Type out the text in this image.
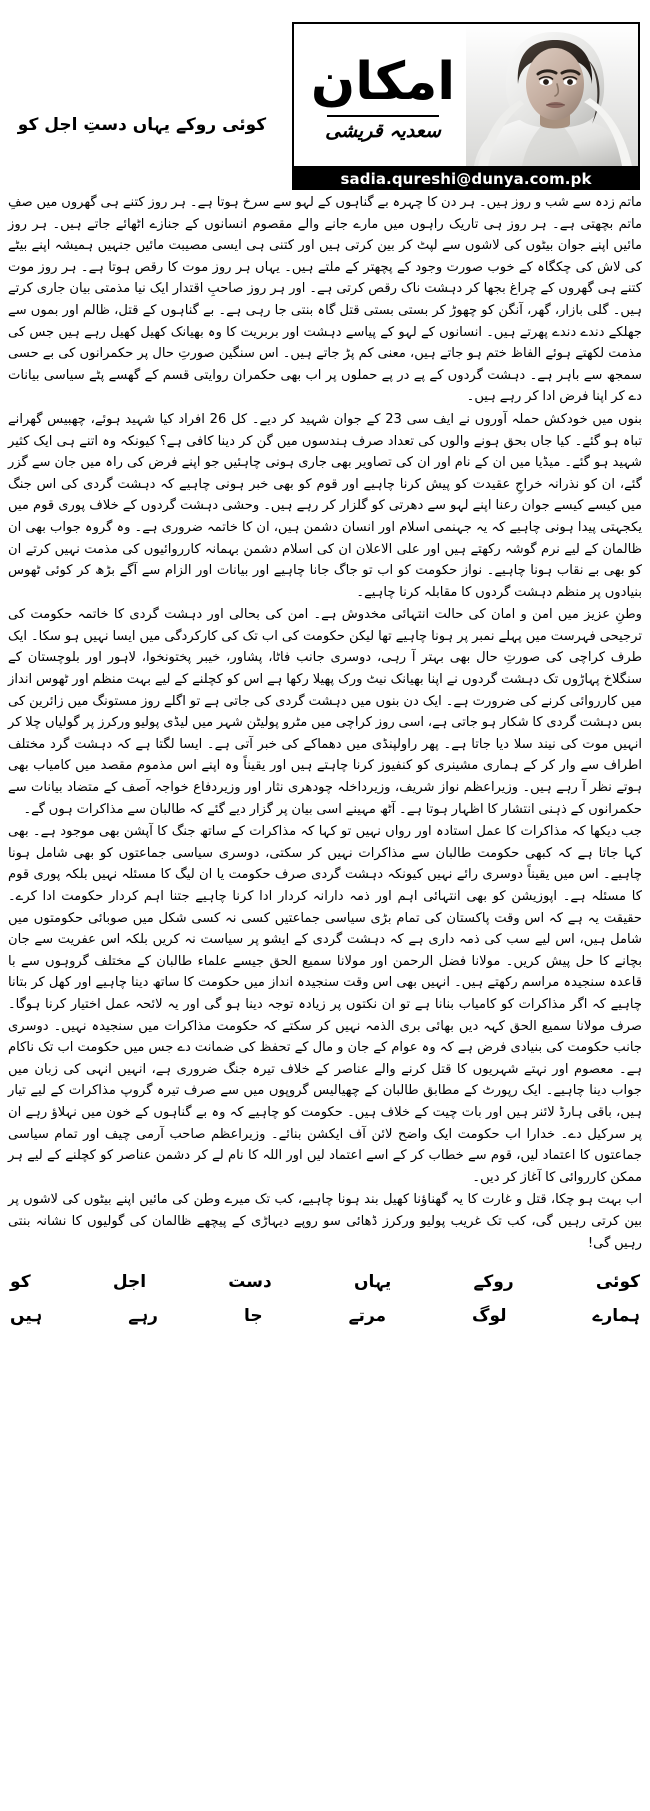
امکان
سعدیہ قریشی
sadia.qureshi@dunya.com.pk
کوئی روکے یہاں دستِ اجل کو

ماتم زدہ سے شب و روز ہیں۔ ہر دن کا چہرہ بے گناہوں کے لہو سے سرخ ہوتا ہے۔ ہر روز کتنے ہی گھروں میں صفِ ماتم بچھتی ہے۔ ہر روز ہی تاریک راہوں میں مارے جانے والے مقصوم انسانوں کے جنازے اٹھائے جاتے ہیں۔ ہر روز مائیں اپنے جوان بیٹوں کی لاشوں سے لپٹ کر بین کرتی ہیں اور کتنی ہی ایسی مصیبت مائیں جنہیں ہمیشہ اپنے بیٹے کی لاش کی چکگاہ کے خوب صورت وجود کے پچھتر کے ملتے ہیں۔ یہاں ہر روز موت کا رقص ہوتا ہے۔ ہر روز موت کتنے ہی گھروں کے چراغ بجھا کر دہشت ناک رقص کرتی ہے۔ اور ہر روز صاحبِ اقتدار ایک نیا مذمتی بیان جاری کرتے ہیں۔ گلی بازار، گھر، آنگن کو چھوڑ کر بستی بستی قتل گاہ بنتی جا رہی ہے۔ بے گناہوں کے قتل، ظالم اور بموں سے جھلکے دندے دندے پھرتے ہیں۔ انسانوں کے لہو کے پیاسے دہشت اور بربریت کا وہ بھیانک کھیل کھیل رہے ہیں جس کی مذمت لکھتے ہوئے الفاظ ختم ہو جاتے ہیں، معنی کم پڑ جاتے ہیں۔ اس سنگین صورتِ حال پر حکمرانوں کی بے حسی سمجھ سے باہر ہے۔ دہشت گردوں کے پے در پے حملوں پر اب بھی حکمران روایتی قسم کے گھسے پٹے سیاسی بیانات دے کر اپنا فرض ادا کر رہے ہیں۔

بنوں میں خودکش حملہ آوروں نے ایف سی 23 کے جوان شہید کر دیے۔ کل 26 افراد کیا شہید ہوئے، چھبیس گھرانے تباہ ہو گئے۔ کیا جاں بحق ہونے والوں کی تعداد صرف ہندسوں میں گن کر دینا کافی ہے؟ کیونکہ وہ اتنے ہی ایک کثیر شہید ہو گئے۔ میڈیا میں ان کے نام اور ان کی تصاویر بھی جاری ہونی چاہئیں جو اپنے فرض کی راہ میں جان سے گزر گئے، ان کو نذرانہ خراجِ عقیدت کو پیش کرنا چاہیے اور قوم کو بھی خبر ہونی چاہیے کہ دہشت گردی کی اس جنگ میں کیسے کیسے جوان رعنا اپنے لہو سے دھرتی کو گلزار کر رہے ہیں۔ وحشی دہشت گردوں کے خلاف پوری قوم میں یکجہتی پیدا ہونی چاہیے کہ یہ جہنمی اسلام اور انسان دشمن ہیں، ان کا خاتمہ ضروری ہے۔ وہ گروہ جواب بھی ان ظالمان کے لیے نرم گوشہ رکھتے ہیں اور علی الاعلان ان کی اسلام دشمن بہمانہ کارروائیوں کی مذمت نہیں کرتے ان کو بھی بے نقاب ہونا چاہیے۔ نواز حکومت کو اب تو جاگ جانا چاہیے اور بیانات اور الزام سے آگے بڑھ کر کوئی ٹھوس بنیادوں پر منظم دہشت گردوں کا مقابلہ کرنا چاہیے۔

وطنِ عزیز میں امن و امان کی حالت انتہائی مخدوش ہے۔ امن کی بحالی اور دہشت گردی کا خاتمہ حکومت کی ترجیحی فہرست میں پہلے نمبر پر ہونا چاہیے تھا لیکن حکومت کی اب تک کی کارکردگی میں ایسا نہیں ہو سکا۔ ایک طرف کراچی کی صورتِ حال بھی بہتر آ رہی، دوسری جانب فاٹا، پشاور، خیبر پختونخوا، لاہور اور بلوچستان کے سنگلاخ پہاڑوں تک دہشت گردوں نے اپنا بھیانک نیٹ ورک پھیلا رکھا ہے اس کو کچلنے کے لیے بہت منظم اور ٹھوس انداز میں کارروائی کرنے کی ضرورت ہے۔ ایک دن بنوں میں دہشت گردی کی جاتی ہے تو اگلے روز مستونگ میں زائرین کی بس دہشت گردی کا شکار ہو جاتی ہے، اسی روز کراچی میں مٹرو پولیٹن شہر میں لیڈی پولیو ورکرز پر گولیاں چلا کر انہیں موت کی نیند سلا دیا جاتا ہے۔ پھر راولپنڈی میں دھماکے کی خبر آتی ہے۔ ایسا لگتا ہے کہ دہشت گرد مختلف اطراف سے وار کر کے ہماری مشینری کو کنفیوز کرنا چاہتے ہیں اور یقیناً وہ اپنے اس مذموم مقصد میں کامیاب بھی ہوتے نظر آ رہے ہیں۔ وزیراعظم نواز شریف، وزیرداخلہ چودھری نثار اور وزیردفاع خواجہ آصف کے متضاد بیانات سے حکمرانوں کے ذہنی انتشار کا اظہار ہوتا ہے۔ آٹھ مہینے اسی بیان پر گزار دیے گئے کہ طالبان سے مذاکرات ہوں گے۔

جب دیکھا کہ مذاکرات کا عمل استادہ اور رواں نہیں تو کہا کہ مذاکرات کے ساتھ جنگ کا آپشن بھی موجود ہے۔ بھی کہا جاتا ہے کہ کبھی حکومت طالبان سے مذاکرات نہیں کر سکتی، دوسری سیاسی جماعتوں کو بھی شامل ہونا چاہیے۔ اس میں یقیناً دوسری رائے نہیں کیونکہ دہشت گردی صرف حکومت یا ان لیگ کا مسئلہ نہیں بلکہ پوری قوم کا مسئلہ ہے۔ اپوزیشن کو بھی انتہائی اہم اور ذمہ دارانہ کردار ادا کرنا چاہیے جتنا اہم کردار حکومت ادا کرے۔ حقیقت یہ ہے کہ اس وقت پاکستان کی تمام بڑی سیاسی جماعتیں کسی نہ کسی شکل میں صوبائی حکومتوں میں شامل ہیں، اس لیے سب کی ذمہ داری ہے کہ دہشت گردی کے ایشو پر سیاست نہ کریں بلکہ اس عفریت سے جان بچانے کا حل پیش کریں۔ مولانا فضل الرحمن اور مولانا سمیع الحق جیسے علماء طالبان کے مختلف گروہوں سے با قاعدہ سنجیدہ مراسم رکھتے ہیں۔ انہیں بھی اس وقت سنجیدہ انداز میں حکومت کا ساتھ دینا چاہیے اور کھل کر بتانا چاہیے کہ اگر مذاکرات کو کامیاب بنانا ہے تو ان نکتوں پر زیادہ توجہ دینا ہو گی اور یہ لائحہ عمل اختیار کرنا ہوگا۔ صرف مولانا سمیع الحق کہہ دیں بھائی بری الذمہ نہیں کر سکتے کہ حکومت مذاکرات میں سنجیدہ نہیں۔ دوسری جانب حکومت کی بنیادی فرض ہے کہ وہ عوام کے جان و مال کے تحفظ کی ضمانت دے جس میں حکومت اب تک ناکام ہے۔ معصوم اور نہتے شہریوں کا قتل کرنے والے عناصر کے خلاف تیرہ جنگ ضروری ہے، انہیں انہی کی زبان میں جواب دینا چاہیے۔ ایک رپورٹ کے مطابق طالبان کے چھیالیس گروپوں میں سے صرف تیرہ گروپ مذاکرات کے لیے تیار ہیں، باقی ہارڈ لائنر ہیں اور بات چیت کے خلاف ہیں۔ حکومت کو چاہیے کہ وہ بے گناہوں کے خون میں نہلاؤ رہے ان پر سرکیل دے۔ خدارا اب حکومت ایک واضح لائن آف ایکشن بنائے۔ وزیراعظم صاحب آرمی چیف اور تمام سیاسی جماعتوں کا اعتماد لیں، قوم سے خطاب کر کے اسے اعتماد لیں اور اللہ کا نام لے کر دشمن عناصر کو کچلنے کے لیے ہر ممکن کارروائی کا آغاز کر دیں۔

اب بہت ہو چکا، قتل و غارت کا یہ گھناؤنا کھیل بند ہونا چاہیے، کب تک میرے وطن کی مائیں اپنے بیٹوں کی لاشوں پر بین کرتی رہیں گی، کب تک غریب پولیو ورکرز ڈھائی سو روپے دیہاڑی کے پیچھے ظالمان کی گولیوں کا نشانہ بنتی رہیں گی!

کوئی
روکے
یہاں
دست
اجل
کو
ہمارے
لوگ
مرتے
جا
رہے
ہیں
